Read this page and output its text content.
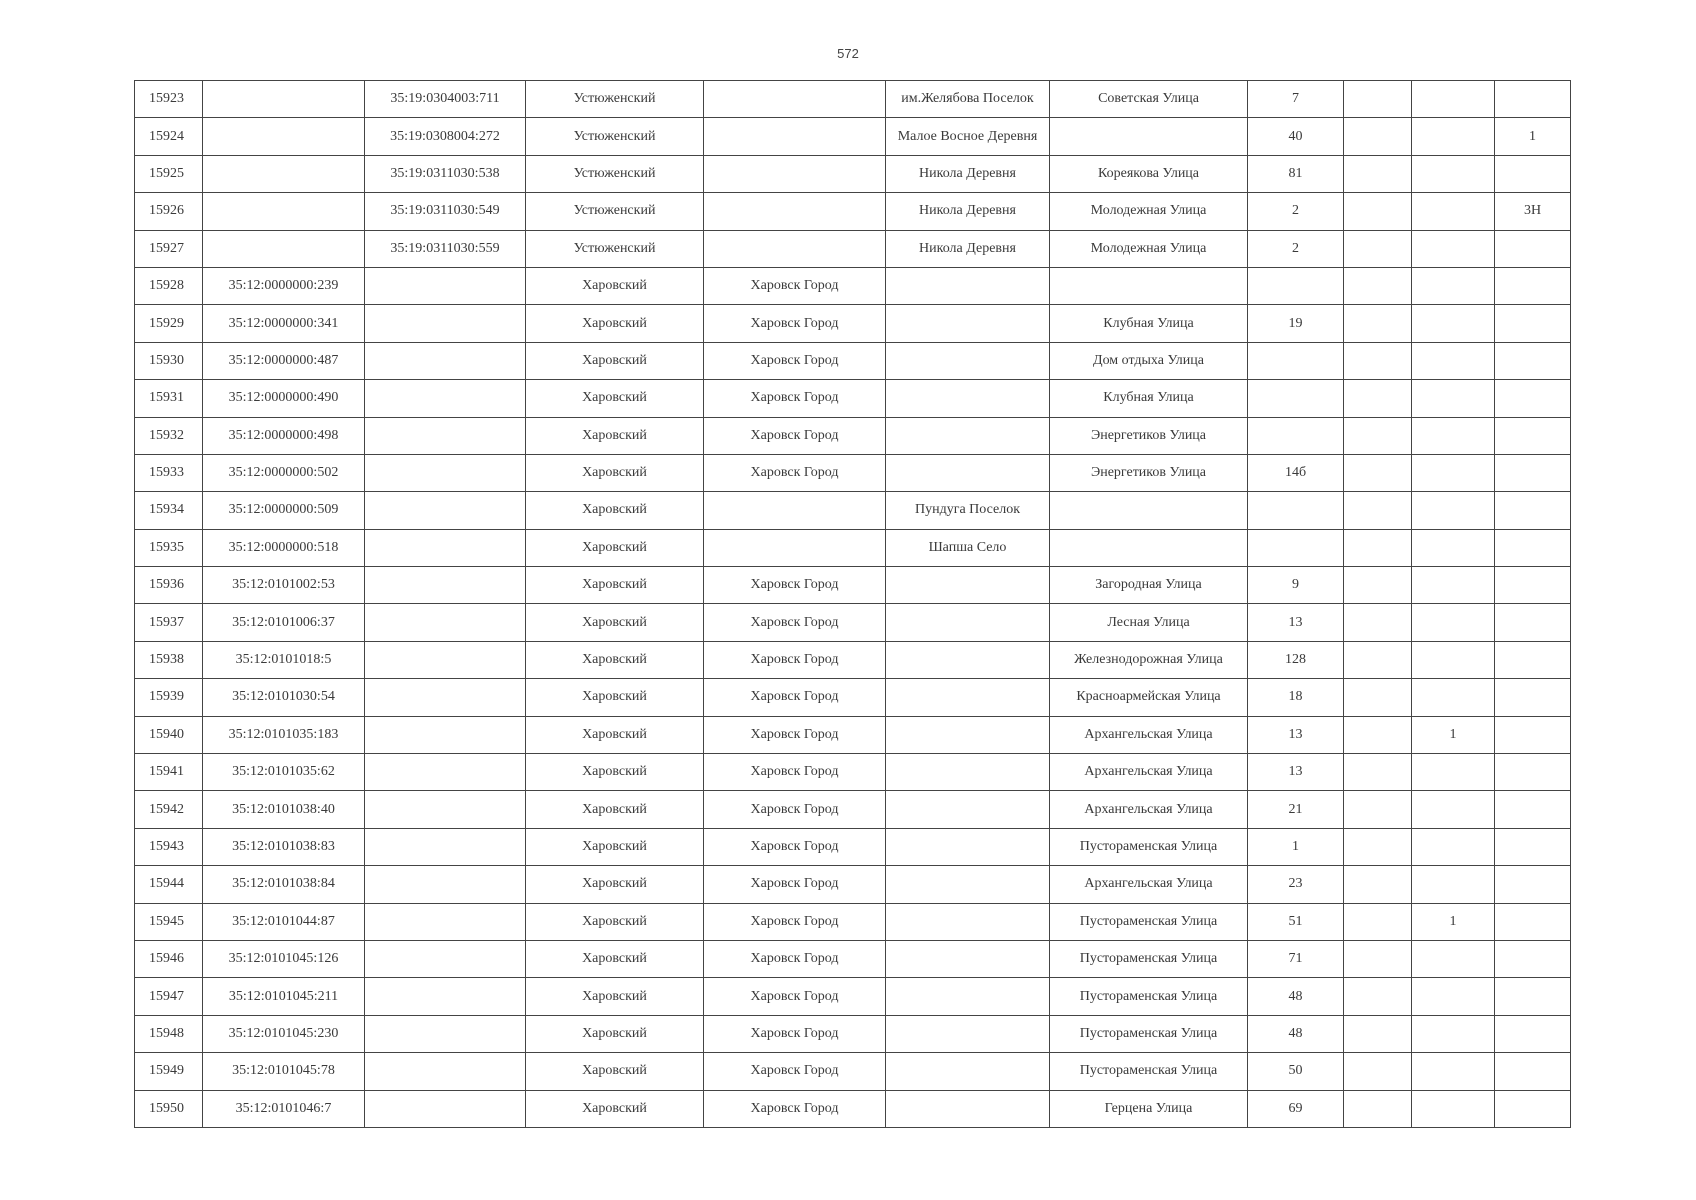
572
15923		35:19:0304003:711	Устюженский		им.Желябова Поселок	Советская Улица	7			
15924		35:19:0308004:272	Устюженский		Малое Восное Деревня		40			1
15925		35:19:0311030:538	Устюженский		Никола Деревня	Кореякова Улица	81			
15926		35:19:0311030:549	Устюженский		Никола Деревня	Молодежная Улица	2			3Н
15927		35:19:0311030:559	Устюженский		Никола Деревня	Молодежная Улица	2			
15928	35:12:0000000:239		Харовский	Харовск Город						
15929	35:12:0000000:341		Харовский	Харовск Город		Клубная Улица	19			
15930	35:12:0000000:487		Харовский	Харовск Город		Дом отдыха Улица				
15931	35:12:0000000:490		Харовский	Харовск Город		Клубная Улица				
15932	35:12:0000000:498		Харовский	Харовск Город		Энергетиков Улица				
15933	35:12:0000000:502		Харовский	Харовск Город		Энергетиков Улица	14б			
15934	35:12:0000000:509		Харовский		Пундуга Поселок					
15935	35:12:0000000:518		Харовский		Шапша Село					
15936	35:12:0101002:53		Харовский	Харовск Город		Загородная Улица	9			
15937	35:12:0101006:37		Харовский	Харовск Город		Лесная Улица	13			
15938	35:12:0101018:5		Харовский	Харовск Город		Железнодорожная Улица	128			
15939	35:12:0101030:54		Харовский	Харовск Город		Красноармейская Улица	18			
15940	35:12:0101035:183		Харовский	Харовск Город		Архангельская Улица	13		1	
15941	35:12:0101035:62		Харовский	Харовск Город		Архангельская Улица	13			
15942	35:12:0101038:40		Харовский	Харовск Город		Архангельская Улица	21			
15943	35:12:0101038:83		Харовский	Харовск Город		Пустораменская Улица	1			
15944	35:12:0101038:84		Харовский	Харовск Город		Архангельская Улица	23			
15945	35:12:0101044:87		Харовский	Харовск Город		Пустораменская Улица	51		1	
15946	35:12:0101045:126		Харовский	Харовск Город		Пустораменская Улица	71			
15947	35:12:0101045:211		Харовский	Харовск Город		Пустораменская Улица	48			
15948	35:12:0101045:230		Харовский	Харовск Город		Пустораменская Улица	48			
15949	35:12:0101045:78		Харовский	Харовск Город		Пустораменская Улица	50			
15950	35:12:0101046:7		Харовский	Харовск Город		Герцена Улица	69			
